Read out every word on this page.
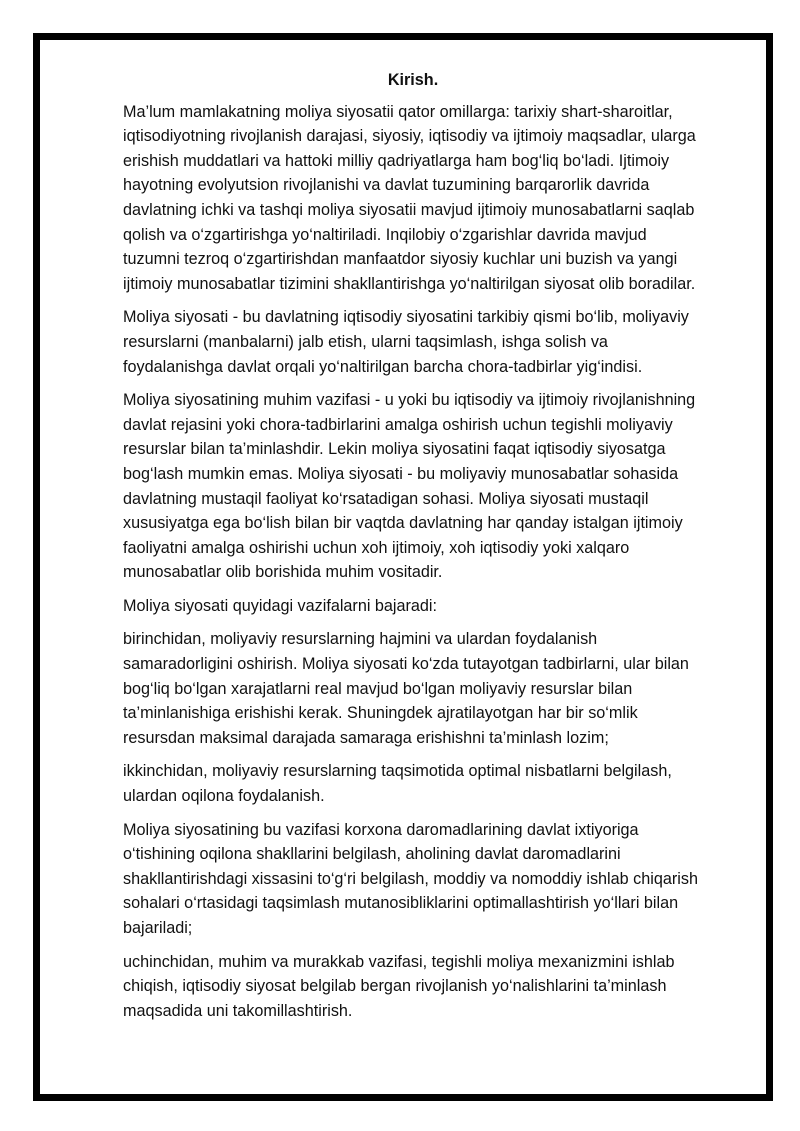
Kirish.

Ma’lum mamlakatning moliya siyosatii qator omillarga: tarixiy shart-sharoitlar, iqtisodiyotning rivojlanish darajasi, siyosiy, iqtisodiy va ijtimoiy maqsadlar, ularga erishish muddatlari va hattoki milliy qadriyatlarga ham bog‘liq bo‘ladi. Ijtimoiy hayotning evolyutsion rivojlanishi va davlat tuzumining barqarorlik davrida davlatning ichki va tashqi moliya siyosatii mavjud ijtimoiy munosabatlarni saqlab qolish va o‘zgartirishga yo‘naltiriladi. Inqilobiy o‘zgarishlar davrida mavjud tuzumni tezroq o‘zgartirishdan manfaatdor siyosiy kuchlar uni buzish va yangi ijtimoiy munosabatlar tizimini shakllantirishga yo‘naltirilgan siyosat olib boradilar.

Moliya siyosati - bu davlatning iqtisodiy siyosatini tarkibiy qismi bo‘lib, moliyaviy resurslarni (manbalarni) jalb etish, ularni taqsimlash, ishga solish va foydalanishga davlat orqali yo‘naltirilgan barcha chora-tadbirlar yig‘indisi.

Moliya siyosatining muhim vazifasi - u yoki bu iqtisodiy va ijtimoiy rivojlanishning davlat rejasini yoki chora-tadbirlarini amalga oshirish uchun tegishli moliyaviy resurslar bilan ta’minlashdir. Lekin moliya siyosatini faqat iqtisodiy siyosatga bog‘lash mumkin emas. Moliya siyosati - bu moliyaviy munosabatlar sohasida davlatning mustaqil faoliyat ko‘rsatadigan sohasi. Moliya siyosati mustaqil xususiyatga ega bo‘lish bilan bir vaqtda davlatning har qanday istalgan ijtimoiy faoliyatni amalga oshirishi uchun xoh ijtimoiy, xoh iqtisodiy yoki xalqaro munosabatlar olib borishida muhim vositadir.

Moliya siyosati quyidagi vazifalarni bajaradi:

birinchidan, moliyaviy resurslarning hajmini va ulardan foydalanish samaradorligini oshirish. Moliya siyosati ko‘zda tutayotgan tadbirlarni, ular bilan bog‘liq bo‘lgan xarajatlarni real mavjud bo‘lgan moliyaviy resurslar bilan ta’minlanishiga erishishi kerak. Shuningdek ajratilayotgan har bir so‘mlik resursdan maksimal darajada samaraga erishishni ta’minlash lozim;

ikkinchidan, moliyaviy resurslarning taqsimotida optimal nisbatlarni belgilash, ulardan oqilona foydalanish.

Moliya siyosatining bu vazifasi korxona daromadlarining davlat ixtiyoriga o‘tishining oqilona shakllarini belgilash, aholining davlat daromadlarini shakllantirishdagi xissasini to‘g‘ri belgilash, moddiy va nomoddiy ishlab chiqarish sohalari o‘rtasidagi taqsimlash mutanosibliklarini optimallashtirish yo‘llari bilan bajariladi;

uchinchidan, muhim va murakkab vazifasi, tegishli moliya mexanizmini ishlab chiqish, iqtisodiy siyosat belgilab bergan rivojlanish yo‘nalishlarini ta’minlash maqsadida uni takomillashtirish.
